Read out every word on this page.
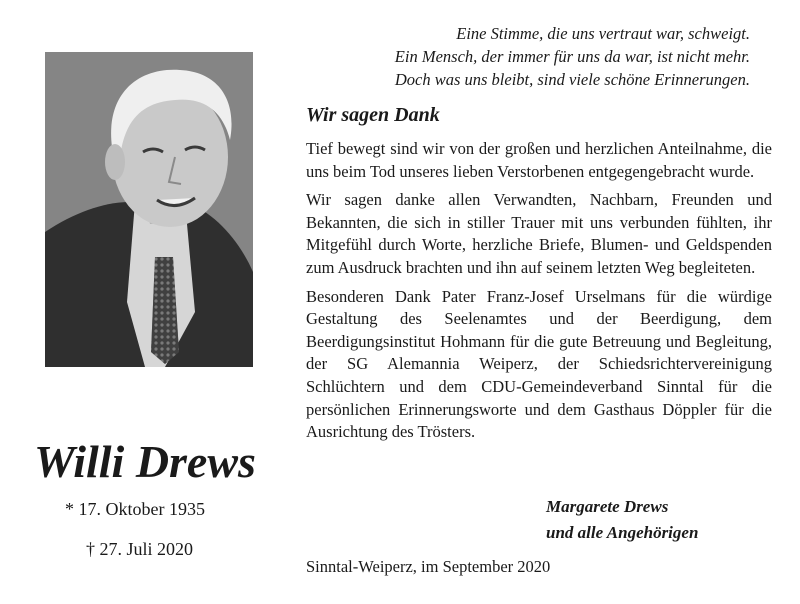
Willi Drews
* 17. Oktober 1935
† 27. Juli 2020
Eine Stimme, die uns vertraut war, schweigt.
Ein Mensch, der immer für uns da war, ist nicht mehr.
Doch was uns bleibt, sind viele schöne Erinnerungen.
Wir sagen Dank

Tief bewegt sind wir von der großen und herzlichen Anteilnahme, die uns beim Tod unseres lieben Verstorbenen entgegengebracht wurde.

Wir sagen danke allen Verwandten, Nachbarn, Freunden und Bekannten, die sich in stiller Trauer mit uns verbunden fühlten, ihr Mitgefühl durch Worte, herzliche Briefe, Blumen- und Geldspenden zum Ausdruck brachten und ihn auf seinem letzten Weg begleiteten.

Besonderen Dank Pater Franz-Josef Urselmans für die würdige Gestaltung des Seelenamtes und der Beerdigung, dem Beerdigungsinstitut Hohmann für die gute Betreuung und Begleitung, der SG Alemannia Weiperz, der Schiedsrichtervereinigung Schlüchtern und dem CDU-Gemeindeverband Sinntal für die persönlichen Erinnerungsworte und dem Gasthaus Döppler für die Ausrichtung des Trösters.

Margarete Drews
und alle Angehörigen
Sinntal-Weiperz, im September 2020
